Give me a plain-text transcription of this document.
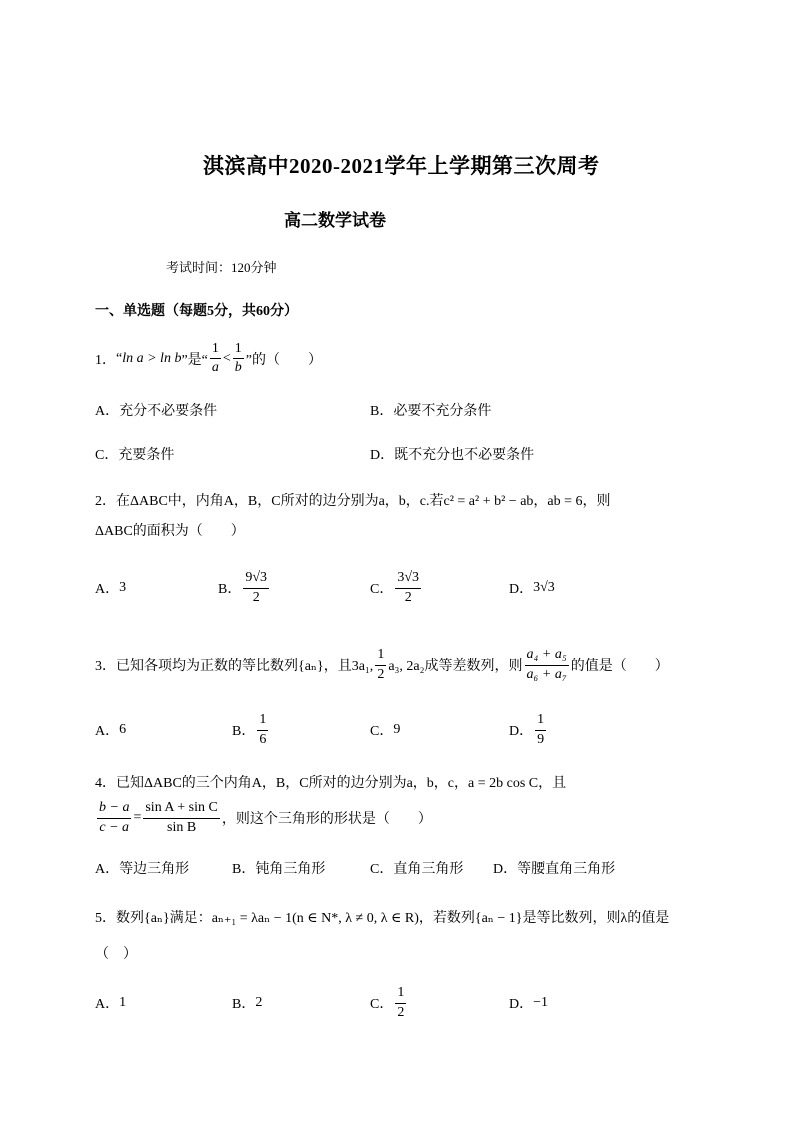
淇滨高中2020-2021学年上学期第三次周考
高二数学试卷
考试时间：120分钟
一、单选题（每题5分，共60分）
1． “ ln a > ln b ”是“ $\frac{1}{a} < \frac{1}{b}$ ”的（　　）
A．充分不必要条件	B．必要不充分条件
C．充要条件	D．既不充分也不必要条件
2．在ΔABC中，内角A，B，C所对的边分别为a，b，c.若c² = a² + b² − ab，ab = 6，则
ΔABC的面积为（　　）
A． 3	B． $\frac{9√3}{2}$	C． $\frac{3√3}{2}$	D． 3√3
3． 已知各项均为正数的等比数列{aₙ}，且3a₁, $\frac{1}{2} a_3$, 2a₂成等差数列，则 $\frac{\text{a₄ + a₅}}{\text{a₆ + a₇}}$ 的值是（　　）
A． 6	B． $\frac{1}{6}$	C． 9	D． $\frac{1}{9}$
4．已知ΔABC的三个内角A，B，C所对的边分别为a，b，c，a = 2b cos C，且
$\frac{b - a}{c - a} = \frac{\text{sin A + sin C}}{\text{sin B}}$ ，则这个三角形的形状是（　　）
A．等边三角形	B．钝角三角形	C．直角三角形 D．等腰直角三角形
5．数列{aₙ}满足：aₙ₊₁ = λaₙ − 1(n ∈ N*, λ ≠ 0, λ ∈ R)，若数列{aₙ − 1}是等比数列，则λ的值是
（　）
A． 1	B． 2	C． $\frac{1}{2}$	D． −1
